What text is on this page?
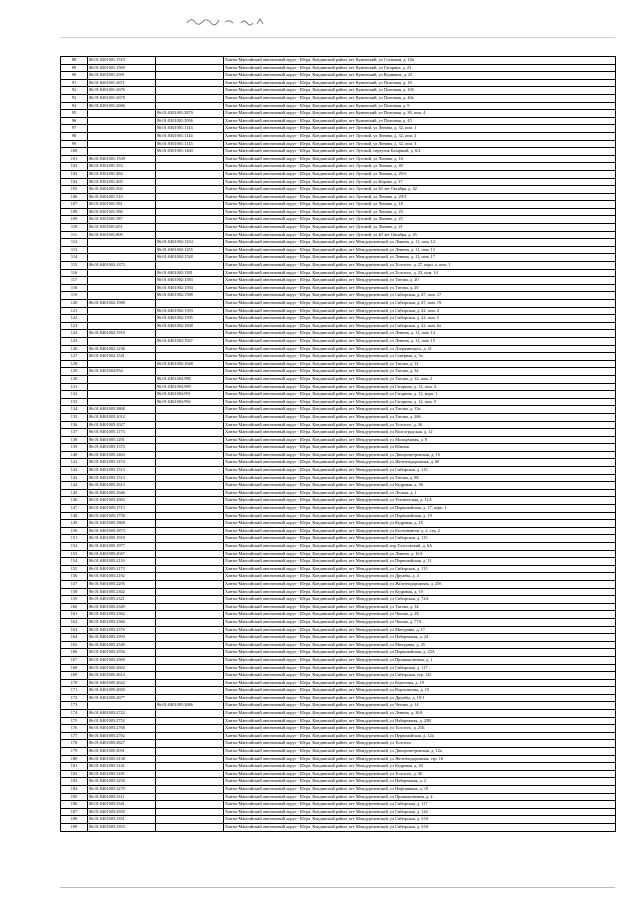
88	86:01:0201001:1519		Ханты-Мансийский автономный округ - Югра, Кондинский район, пгт Куминский, ул Сосновая, д. 10а
89	86:01:0201001:1569		Ханты-Мансийский автономный округ - Югра, Кондинский район, пгт Куминский, ул Гагарина, д. 23
90	86:01:0201001:2591		Ханты-Мансийский автономный округ - Югра, Кондинский район, пгт Куминский, ул Водников, д. 25
91	86:01:0201001:2671		Ханты-Мансийский автономный округ - Югра, Кондинский район, пгт Куминский, ул Почтовая, д. 18
92	86:01:0201001:2676		Ханты-Мансийский автономный округ - Югра, Кондинский район, пгт Куминский, ул Почтовая, д. 10б
93	86:01:0201001:2678		Ханты-Мансийский автономный округ - Югра, Кондинский район, пгт Куминский, ул Почтовая, д. 40а
94	86:01:0201001:2696		Ханты-Мансийский автономный округ - Югра, Кондинский район, пгт Куминский, ул Почтовая, д. 9
95		86:01:0201001:2879	Ханты-Мансийский автономный округ - Югра, Кондинский район, пгт Куминский, ул Почтовая, д. 39, пом. 4
96		86:01:0201001:2956	Ханты-Мансийский автономный округ - Югра, Кондинский район, пгт Куминский, ул Почтовая, д. 45
97		86:01:0301001:1143	Ханты-Мансийский автономный округ - Югра, Кондинский район, пгт Луговой, ул Ленина, д. 32, пом. 1
98		86:01:0301001:1144	Ханты-Мансийский автономный округ - Югра, Кондинский район, пгт Луговой, ул Ленина, д. 32, пом. 2
99		86:01:0301001:1145	Ханты-Мансийский автономный округ - Югра, Кондинский район, пгт Луговой, ул Ленина, д. 32, пом. 3
100		86:01:0301001:1460	Ханты-Мансийский автономный округ - Югра, Кондинский район, пгт Луговой, переулок Базарный, д. 6/2
101	86:01:0301001:1539		Ханты-Мансийский автономный округ - Югра, Кондинский район, пгт Луговой, ул Ленина, д. 16
102	86:01:0301001:353		Ханты-Мансийский автономный округ - Югра, Кондинский район, пгт Луговой, ул Ленина, д. 49
103	86:01:0301001:484		Ханты-Мансийский автономный округ - Югра, Кондинский район, пгт Луговой, ул Ленина, д. 29-б
104	86:01:0301001:465		Ханты-Мансийский автономный округ - Югра, Кондинский район, пгт Луговой, ул Кирова, д. 17
105	86:01:0301001:502		Ханты-Мансийский автономный округ - Югра, Кондинский район, пгт Луговой, ул 40 лет Октября, д. 42
106	86:01:0301001:510		Ханты-Мансийский автономный округ - Югра, Кондинский район, пгт Луговой, ул Ленина, д. 29/3
107	86:01:0301001:581		Ханты-Мансийский автономный округ - Югра, Кондинский район, пгт Луговой, ул Ленина, д. 18
108	86:01:0301001:586		Ханты-Мансийский автономный округ - Югра, Кондинский район, пгт Луговой, ул Ленина, д. 23
109	86:01:0301001:587		Ханты-Мансийский автономный округ - Югра, Кондинский район, пгт Луговой, ул Ленина, д. 25
110	86:01:0301001:651		Ханты-Мансийский автономный округ - Югра, Кондинский район, пгт Луговой, ул Ленина, д. 21
111	86:01:0301001:809		Ханты-Мансийский автономный округ - Югра, Кондинский район, пгт Луговой, ул 40 лет Октября, д. 45
112		86:01:0401002:1254	Ханты-Мансийский автономный округ - Югра, Кондинский район, пгт Междуреченский, ул Ленина, д. 11, пом. 12
113		86:01:0401002:1255	Ханты-Мансийский автономный округ - Югра, Кондинский район, пгт Междуреченский, ул Ленина, д. 11, пом. 13
114		86:01:0401002:1528	Ханты-Мансийский автономный округ - Югра, Кондинский район, пгт Междуреченский, ул Ленина, д. 11, пом. 17
115	86:01:0401002:1373		Ханты-Мансийский автономный округ - Югра, Кондинский район, пгт Междуреченский, ул Толстого, д. 27, корп. а, пом. 1
116		86:01:0401002:1381	Ханты-Мансийский автономный округ - Югра, Кондинский район, пгт Междуреченский, ул Толстого, д. 23, пом. 14
117		86:01:0401002:1583	Ханты-Мансийский автономный округ - Югра, Кондинский район, пгт Междуреченский, ул Титова, д. 20
118		86:01:0401002:1584	Ханты-Мансийский автономный округ - Югра, Кондинский район, пгт Междуреченский, ул Титова, д. 20
119		86:01:0401002:1588	Ханты-Мансийский автономный округ - Югра, Кондинский район, пгт Междуреченский, ул Сибирская, д. 47, пом. 17
120	86:01:0401002:1588		Ханты-Мансийский автономный округ - Югра, Кондинский район, пгт Междуреченский, ул Сибирская, д. 47, пом. 19
121		86:01:0401002:1593	Ханты-Мансийский автономный округ - Югра, Кондинский район, пгт Междуреченский, ул Сибирская, д. 42, пом. 2
122		86:01:0401002:1595	Ханты-Мансийский автономный округ - Югра, Кондинский район, пгт Междуреченский, ул Сибирская, д. 42, пом. 5
123		86:01:0401002:1608	Ханты-Мансийский автономный округ - Югра, Кондинский район, пгт Междуреченский, ул Сибирская, д. 42, пом. 6а
124	86:01:0401002:1918		Ханты-Мансийский автономный округ - Югра, Кондинский район, пгт Междуреченский, ул Ленина, д. 11, пом. 14
125		86:01:0401002:1947	Ханты-Мансийский автономный округ - Югра, Кондинский район, пгт Междуреченский, ул Ленина, д. 11, пом. 15
126	86:01:0401002:1236		Ханты-Мансийский автономный округ - Югра, Кондинский район, пгт Междуреченский, ул Дзержинского, д. 21
127	86:01:0401002:1541		Ханты-Мансийский автономный округ - Югра, Кондинский район, пгт Междуреченский, ул Северная, д. 5а
128		86:01:0401002:1648	Ханты-Мансийский автономный округ - Югра, Кондинский район, пгт Междуреченский, ул Титова, д. 14
129	86:01:0401004:954		Ханты-Мансийский автономный округ - Югра, Кондинский район, пгт Междуреченский, ул Титова, д. 34
130		86:01:0401004:988	Ханты-Мансийский автономный округ - Югра, Кондинский район, пгт Междуреченский, ул Титова, д. 12, пом. 2
131		86:01:0401004:989	Ханты-Мансийский автономный округ - Югра, Кондинский район, пгт Междуреченский, ул Гагарина, д. 12, пом. 4
132		86:01:0401004:991	Ханты-Мансийский автономный округ - Югра, Кондинский район, пгт Междуреченский, ул Гагарина, д. 12, корп. 1
133		86:01:0401004:992	Ханты-Мансийский автономный округ - Югра, Кондинский район, пгт Междуреченский, ул Гагарина, д. 12, пом. 5
134	86:01:0401005:3868		Ханты-Мансийский автономный округ - Югра, Кондинский район, пгт Междуреченский, ул Титова, д. 15а
135	86:01:0401005:1012		Ханты-Мансийский автономный округ - Югра, Кондинский район, пгт Междуреченский, ул Титова, д. 26б
136	86:01:0401005:1027		Ханты-Мансийский автономный округ - Югра, Кондинский район, пгт Междуреченский, ул Толстого, д. 36
137	86:01:0401005:1173		Ханты-Мансийский автономный округ - Югра, Кондинский район, пгт Междуреченский, ул Волгоградская, д. 12
138	86:01:0401005:1291		Ханты-Мансийский автономный округ - Югра, Кондинский район, пгт Междуреченский, ул Молодёжная, д. 8
139	86:01:0401005:1373		Ханты-Мансийский автономный округ - Югра, Кондинский район, пгт Междуреченский, ул Южная
140	86:01:0401005:1463		Ханты-Мансийский автономный округ - Югра, Кондинский район, пгт Междуреченский, ул Днепропетровская, д. 1б
141	86:01:0401005:1474		Ханты-Мансийский автономный округ - Югра, Кондинский район, пгт Междуреченский, ул Железнодорожная, д. 60
142	86:01:0401005:1513		Ханты-Мансийский автономный округ - Югра, Кондинский район, пгт Междуреченский, ул Сибирская, д. 115
143	86:01:0401005:1513		Ханты-Мансийский автономный округ - Югра, Кондинский район, пгт Междуреченский, ул Титова, д. 8Е
144	86:01:0401005:1613		Ханты-Мансийский автономный округ - Югра, Кондинский район, пгт Междуреченский, ул Кедровая, д. 38
145	86:01:0401005:1646		Ханты-Мансийский автономный округ - Югра, Кондинский район, пгт Междуреченский, ул Лесная, д. 1
146	86:01:0401005:1663		Ханты-Мансийский автономный округ - Югра, Кондинский район, пгт Междуреченский, ул Техническая, д. 11А
147	86:01:0401005:1715		Ханты-Мансийский автономный округ - Югра, Кондинский район, пгт Междуреченский, ул Первомайская, д. 17, корп. 1
148	86:01:0401005:1758		Ханты-Мансийский автономный округ - Югра, Кондинский район, пгт Междуреченский, ул Первомайская, д. 19
149	86:01:0401005:1868		Ханты-Мансийский автономный округ - Югра, Кондинский район, пгт Междуреченский, ул Кедровая, д. 18
150	86:01:0401005:1873		Ханты-Мансийский автономный округ - Югра, Кондинский район, пгт Междуреченский, ул Космонавтов, д. 2, стр. 2
151	86:01:0401005:1918		Ханты-Мансийский автономный округ - Югра, Кондинский район, пгт Междуреченский, ул Сибирская, д. 115
152	86:01:0401005:1977		Ханты-Мансийский автономный округ - Югра, Кондинский район, пгт Междуреченский, пер Толстовский, д. 6А
153	86:01:0401005:2047		Ханты-Мансийский автономный округ - Югра, Кондинский район, пгт Междуреченский, ул Ленина, д. 16А
154	86:01:0401005:2116		Ханты-Мансийский автономный округ - Югра, Кондинский район, пгт Междуреченский, ул Первомайская, д. 11
155	86:01:0401005:2173		Ханты-Мансийский автономный округ - Югра, Кондинский район, пгт Междуреченский, ул Сибирская, д. 115
156	86:01:0401005:2192		Ханты-Мансийский автономный округ - Югра, Кондинский район, пгт Междуреченский, ул Дружбы, д. 4
157	86:01:0401005:2295		Ханты-Мансийский автономный округ - Югра, Кондинский район, пгт Междуреченский, ул Железнодорожная, д. 25б
158	86:01:0401005:2302		Ханты-Мансийский автономный округ - Югра, Кондинский район, пгт Междуреченский, ул Кедровая, д. 18
159	86:01:0401005:2321		Ханты-Мансийский автономный округ - Югра, Кондинский район, пгт Междуреченский, ул Сибирская, д. 72А
160	86:01:0401005:2349		Ханты-Мансийский автономный округ - Югра, Кондинский район, пгт Междуреченский, ул Титова, д. 34
161	86:01:0401005:2362		Ханты-Мансийский автономный округ - Югра, Кондинский район, пгт Междуреченский, ул Чехова, д. 2Б
162	86:01:0401005:2366		Ханты-Мансийский автономный округ - Югра, Кондинский район, пгт Междуреченский, ул Чехова, д. 77А
163	86:01:0401005:2376		Ханты-Мансийский автономный округ - Югра, Кондинский район, пгт Междуреченский, ул Мичурина, д. 17
164	86:01:0401005:2393		Ханты-Мансийский автономный округ - Югра, Кондинский район, пгт Междуреченский, ул Набережная, д. 24
165	86:01:0401005:2549		Ханты-Мансийский автономный округ - Югра, Кондинский район, пгт Междуреченский, ул Мичурина, д. 25
166	86:01:0401005:2556		Ханты-Мансийский автономный округ - Югра, Кондинский район, пгт Междуреченский, ул Первомайская, д. 23А
167	86:01:0401005:2569		Ханты-Мансийский автономный округ - Югра, Кондинский район, пгт Междуреченский, ул Промышленная, д. 1
168	86:01:0401005:2602		Ханты-Мансийский автономный округ - Югра, Кондинский район, пгт Междуреченский, ул Сибирская, д. 117
169	86:01:0401005:2614		Ханты-Мансийский автономный округ - Югра, Кондинский район, пгт Междуреченский, ул Сибирская, стр. 123
170	86:01:0401005:2622		Ханты-Мансийский автономный округ - Югра, Кондинский район, пгт Междуреченский, ул Береговая, д. 19
171	86:01:0401005:2650		Ханты-Мансийский автономный округ - Югра, Кондинский район, пгт Междуреченский, ул Ворошилова, д. 19
172	86:01:0401005:2677		Ханты-Мансийский автономный округ - Югра, Кондинский район, пгт Междуреченский, ул Дружбы, д. 10-1
173		86:01:0401005:2686	Ханты-Мансийский автономный округ - Югра, Кондинский район, пгт Междуреченский, ул Чехова, д. 14
174	86:01:0401005:2722		Ханты-Мансийский автономный округ - Югра, Кондинский район, пгт Междуреченский, ул Ленина, д. 16А
175	86:01:0401005:2752		Ханты-Мансийский автономный округ - Югра, Кондинский район, пгт Междуреченский, ул Набережная, д. 25В
176	86:01:0401005:2768		Ханты-Мансийский автономный округ - Югра, Кондинский район, пгт Междуреченский, ул Толстого, д. 21Б
177	86:01:0401005:2792		Ханты-Мансийский автономный округ - Югра, Кондинский район, пгт Междуреченский, ул Первомайская, д. 12а
178	86:01:0401005:2827		Ханты-Мансийский автономный округ - Югра, Кондинский район, пгт Междуреченский, ул Толстого
179	86:01:0401005:3031		Ханты-Мансийский автономный округ - Югра, Кондинский район, пгт Междуреченский, ул Днепропетровская, д. 12а
180	86:01:0401005:3138		Ханты-Мансийский автономный округ - Югра, Кондинский район, пгт Междуреченский, ул Железнодорожная, стр. 16
181	86:01:0401005:3141		Ханты-Мансийский автономный округ - Югра, Кондинский район, пгт Междуреченский, ул Кедровая, д. 20
182	86:01:0401005:3181		Ханты-Мансийский автономный округ - Югра, Кондинский район, пгт Междуреченский, ул Толстого, д. 36
183	86:01:0401005:3250		Ханты-Мансийский автономный округ - Югра, Кондинский район, пгт Междуреченский, ул Набережная, д. 2
184	86:01:0401005:3270		Ханты-Мансийский автономный округ - Югра, Кондинский район, пгт Междуреченский, ул Нефтяников, д. 19
185	86:01:0401005:3311		Ханты-Мансийский автономный округ - Югра, Кондинский район, пгт Междуреченский, ул Промышленная, д. 4
186	86:01:0401005:3341		Ханты-Мансийский автономный округ - Югра, Кондинский район, пгт Междуреченский, ул Сибирская, д. 117
187	86:01:0401005:3350		Ханты-Мансийский автономный округ - Югра, Кондинский район, пгт Междуреченский, ул Сибирская, д. 124
188	86:01:0401005:3351		Ханты-Мансийский автономный округ - Югра, Кондинский район, пгт Междуреченский, ул Сибирская, д. 33А
189	86:01:0401005:3353		Ханты-Мансийский автономный округ - Югра, Кондинский район, пгт Междуреченский, ул Сибирская, д. 33А
